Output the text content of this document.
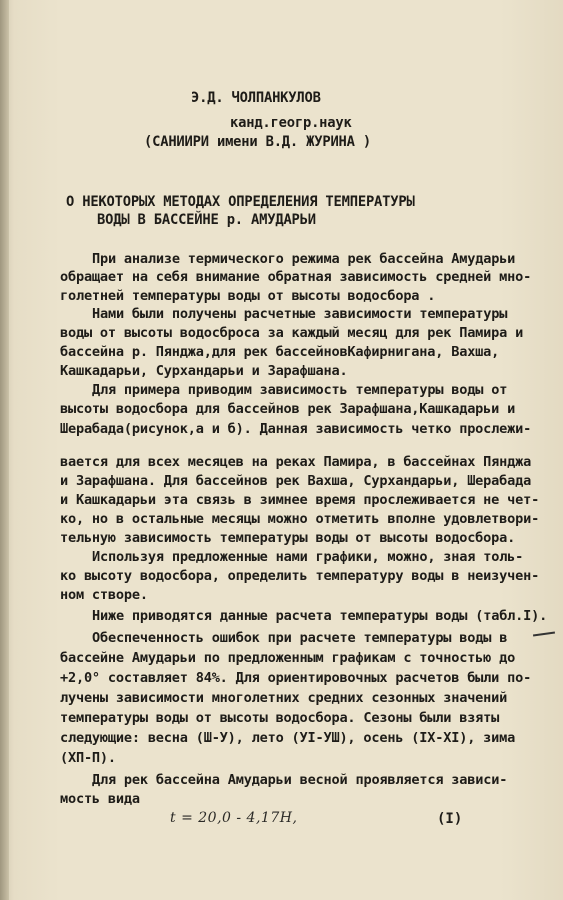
Э.Д. ЧОЛПАНКУЛОВ
канд.геогр.наук
(САНИИРИ имени В.Д. ЖУРИНА )
О НЕКОТОРЫХ МЕТОДАХ ОПРЕДЕЛЕНИЯ ТЕМПЕРАТУРЫ
ВОДЫ В БАССЕЙНЕ р. АМУДАРЬИ
При анализе термического режима рек бассейна Амударьи
обращает на себя внимание обратная зависимость средней мно-
голетней температуры воды от высоты водосбора .
Нами были получены расчетные зависимости температуры
воды от высоты водосброса за каждый месяц для рек Памира и
бассейна р. Пянджа,для рек бассейновКафирнигана, Вахша,
Кашкадарьи, Сурхандарьи и Зарафшана.
Для примера приводим зависимость температуры воды от
высоты водосбора для бассейнов рек Зарафшана,Кашкадарьи и
Шерабада(рисунок,а и б). Данная зависимость четко прослежи-
вается для всех месяцев на реках Памира, в бассейнах Пянджа
и Зарафшана. Для бассейнов рек Вахша, Сурхандарьи, Шерабада
и Кашкадарьи эта связь в зимнее время прослеживается не чет-
ко, но в остальные месяцы можно отметить вполне удовлетвори-
тельную зависимость температуры воды от высоты водосбора.
Используя предложенные нами графики, можно, зная толь-
ко высоту водосбора, определить температуру воды в неизучен-
ном створе.
Ниже приводятся данные расчета температуры воды (табл.I).
Обеспеченность ошибок при расчете температуры воды в
бассейне Амударьи по предложенным графикам с точностью до
+2,0° составляет 84%. Для ориентировочных расчетов были по-
лучены зависимости многолетних средних сезонных значений
температуры воды от высоты водосбора. Сезоны были взяты
следующие: весна (Ш-У), лето (УI-УШ), осень (IX-XI), зима
(ХП-П).
Для рек бассейна Амударьи весной проявляется зависи-
мость вида
t = 20,0 - 4,17H,	(I)
